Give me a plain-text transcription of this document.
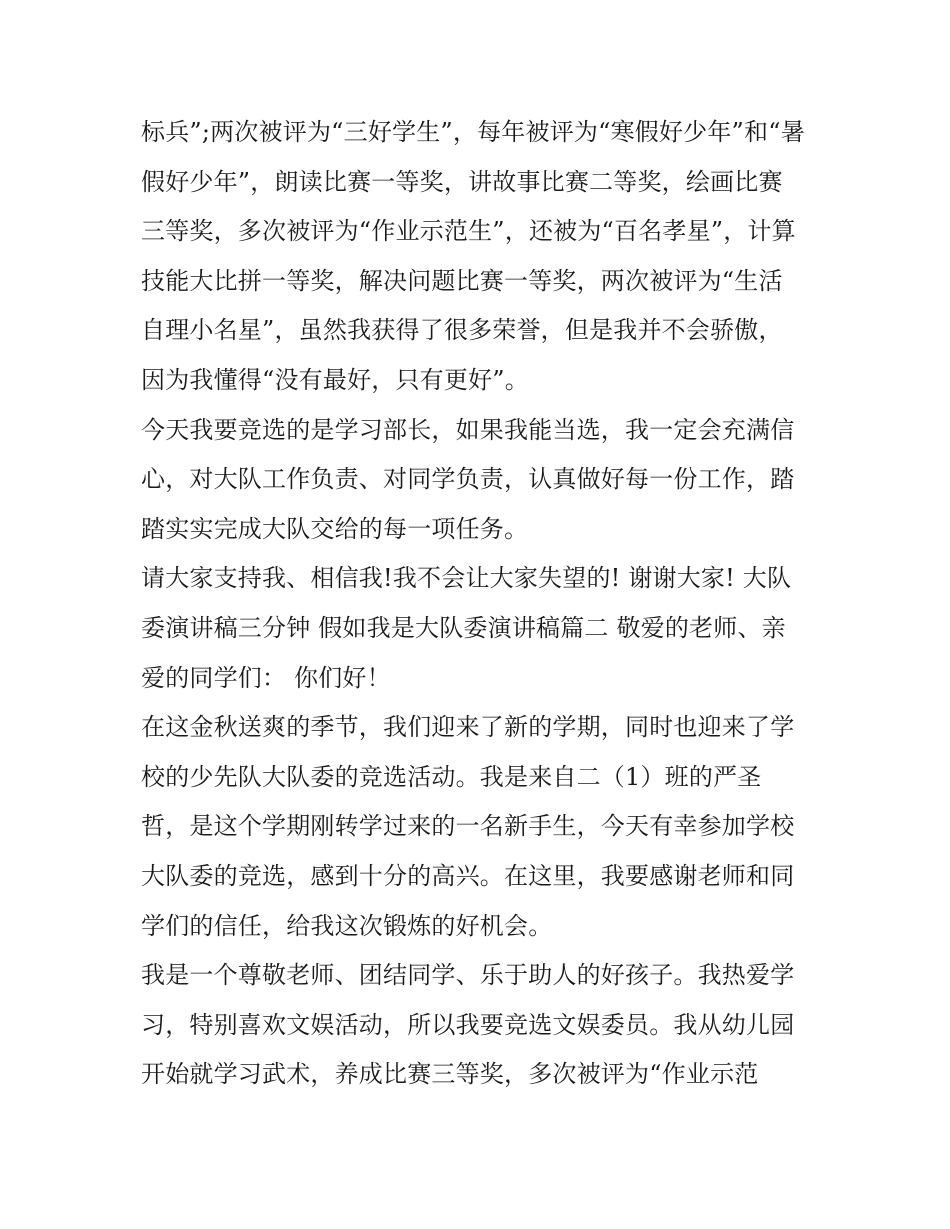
标兵”;两次被评为“三好学生”，每年被评为“寒假好少年”和“暑
假好少年”，朗读比赛一等奖，讲故事比赛二等奖，绘画比赛
三等奖，多次被评为“作业示范生”，还被为“百名孝星”，计算
技能大比拼一等奖，解决问题比赛一等奖，两次被评为“生活
自理小名星”，虽然我获得了很多荣誉，但是我并不会骄傲，
因为我懂得“没有最好，只有更好”。
今天我要竞选的是学习部长，如果我能当选，我一定会充满信
心，对大队工作负责、对同学负责，认真做好每一份工作，踏
踏实实完成大队交给的每一项任务。
请大家支持我、相信我!我不会让大家失望的! 谢谢大家! 大队
委演讲稿三分钟 假如我是大队委演讲稿篇二 敬爱的老师、亲
爱的同学们： 你们好！
在这金秋送爽的季节，我们迎来了新的学期，同时也迎来了学
校的少先队大队委的竞选活动。我是来自二（1）班的严圣
哲，是这个学期刚转学过来的一名新手生，今天有幸参加学校
大队委的竞选，感到十分的高兴。在这里，我要感谢老师和同
学们的信任，给我这次锻炼的好机会。
我是一个尊敬老师、团结同学、乐于助人的好孩子。我热爱学
习，特别喜欢文娱活动，所以我要竞选文娱委员。我从幼儿园
开始就学习武术，养成比赛三等奖，多次被评为“作业示范
